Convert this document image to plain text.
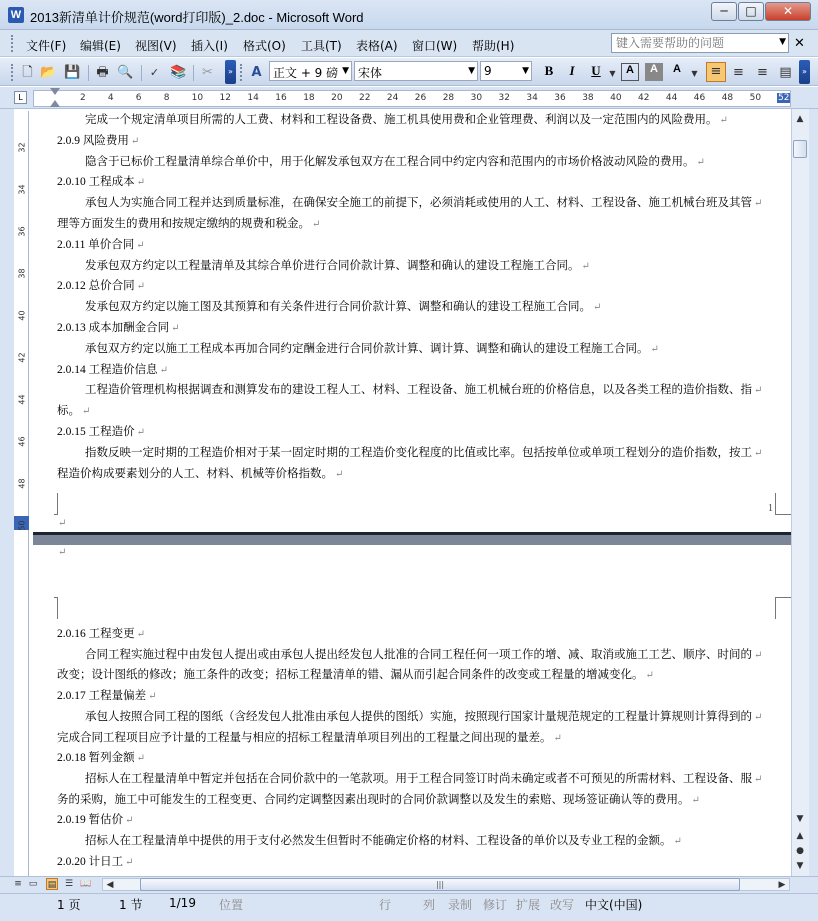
W 2013新清单计价规范(word打印版)_2.doc - Microsoft Word	─	□	✕
文件(F) 编辑(E) 视图(V) 插入(I) 格式(O) 工具(T) 表格(A) 窗口(W) 帮助(H)
键入需要帮助的问题	▼ ✕
🗋 📂 💾 🖶 🔍	✓ 📚 ✂	» A 正文 + 9 磅 ▼ 宋体	▼ 9	▼	B	I	U	▼ A	A	A	▼ ≡ ≡ ≡ ▤	»
L	2 4 6 8 10 12 14 16 18 20 22 24 26 28 30 32 34 36 38 40 42 44 46 48 50 52
32
34
36
38
40
42
44
46
48
50
完成一个规定清单项目所需的人工费、材料和工程设备费、施工机具使用费和企业管理费、利润以及一定范围内的风险费用。 ↵
2.0.9 风险费用 ↵
隐含于已标价工程量清单综合单价中，用于化解发承包双方在工程合同中约定内容和范围内的市场价格波动风险的费用。 ↵
2.0.10 工程成本 ↵
承包人为实施合同工程并达到质量标准，在确保安全施工的前提下，必须消耗或使用的人工、材料、工程设备、施工机械台班及其管 ↵
理等方面发生的费用和按规定缴纳的规费和税金。 ↵
2.0.11 单价合同 ↵
发承包双方约定以工程量清单及其综合单价进行合同价款计算、调整和确认的建设工程施工合同。 ↵
2.0.12 总价合同 ↵
发承包双方约定以施工图及其预算和有关条件进行合同价款计算、调整和确认的建设工程施工合同。 ↵
2.0.13 成本加酬金合同 ↵
承包双方约定以施工工程成本再加合同约定酬金进行合同价款计算、调计算、调整和确认的建设工程施工合同。 ↵
2.0.14 工程造价信息 ↵
工程造价管理机构根据调查和测算发布的建设工程人工、材料、工程设备、施工机械台班的价格信息，以及各类工程的造价指数、指 ↵
标。 ↵
2.0.15 工程造价 ↵
指数反映一定时期的工程造价相对于某一固定时期的工程造价变化程度的比值或比率。包括按单位或单项工程划分的造价指数，按工 ↵
程造价构成要素划分的人工、材料、机械等价格指数。 ↵
1
↵
↵
2.0.16 工程变更 ↵
合同工程实施过程中由发包人提出或由承包人提出经发包人批准的合同工程任何一项工作的增、减、取消或施工工艺、顺序、时间的 ↵
改变；设计图纸的修改；施工条件的改变；招标工程量清单的错、漏从而引起合同条件的改变或工程量的增减变化。 ↵
2.0.17 工程量偏差 ↵
承包人按照合同工程的图纸（含经发包人批准由承包人提供的图纸）实施，按照现行国家计量规范规定的工程量计算规则计算得到的 ↵
完成合同工程项目应予计量的工程量与相应的招标工程量清单项目列出的工程量之间出现的量差。 ↵
2.0.18 暂列金额 ↵
招标人在工程量清单中暂定并包括在合同价款中的一笔款项。用于工程合同签订时尚未确定或者不可预见的所需材料、工程设备、服 ↵
务的采购，施工中可能发生的工程变更、合同约定调整因素出现时的合同价款调整以及发生的索赔、现场签证确认等的费用。 ↵
2.0.19 暂估价 ↵
招标人在工程量清单中提供的用于支付必然发生但暂时不能确定价格的材料、工程设备的单价以及专业工程的金额。 ↵
2.0.20 计日工 ↵
▲
▼
▲
●
▼
≡ ▭ ▤ ☰ 📖 ◀	|||	▶
1 页	1 节 1/19 位置	行	列 录制 修订 扩展 改写 中文(中国)
